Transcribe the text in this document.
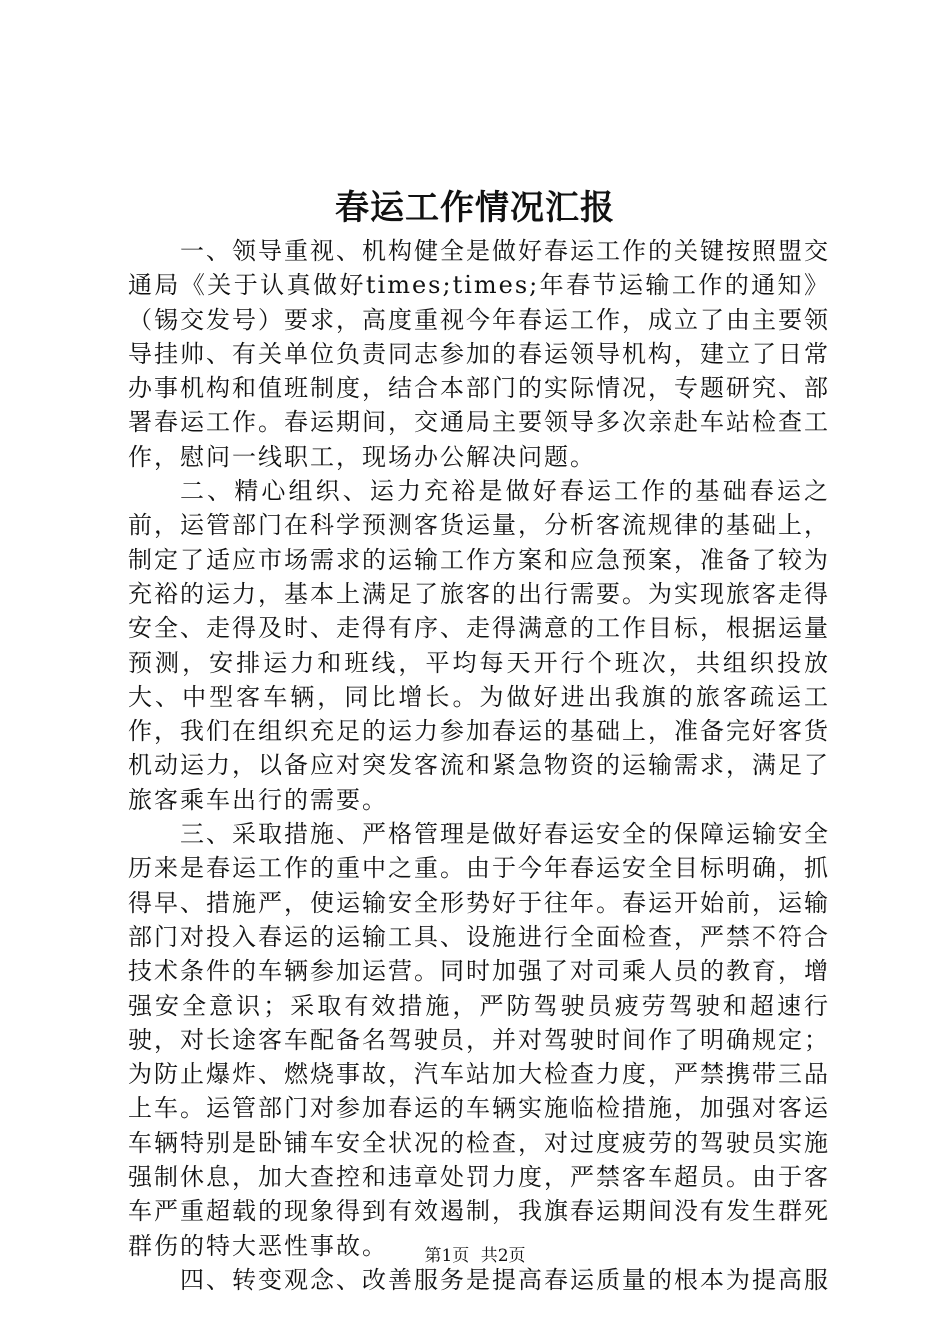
春运工作情况汇报

一、领导重视、机构健全是做好春运工作的关键按照盟交通局《关于认真做好times;times;年春节运输工作的通知》（锡交发号）要求，高度重视今年春运工作，成立了由主要领导挂帅、有关单位负责同志参加的春运领导机构，建立了日常办事机构和值班制度，结合本部门的实际情况，专题研究、部署春运工作。春运期间，交通局主要领导多次亲赴车站检查工作，慰问一线职工，现场办公解决问题。

二、精心组织、运力充裕是做好春运工作的基础春运之前，运管部门在科学预测客货运量，分析客流规律的基础上，制定了适应市场需求的运输工作方案和应急预案，准备了较为充裕的运力，基本上满足了旅客的出行需要。为实现旅客走得安全、走得及时、走得有序、走得满意的工作目标，根据运量预测，安排运力和班线，平均每天开行个班次，共组织投放大、中型客车辆，同比增长。为做好进出我旗的旅客疏运工作，我们在组织充足的运力参加春运的基础上，准备完好客货机动运力，以备应对突发客流和紧急物资的运输需求，满足了旅客乘车出行的需要。

三、采取措施、严格管理是做好春运安全的保障运输安全历来是春运工作的重中之重。由于今年春运安全目标明确，抓得早、措施严，使运输安全形势好于往年。春运开始前，运输部门对投入春运的运输工具、设施进行全面检查，严禁不符合技术条件的车辆参加运营。同时加强了对司乘人员的教育，增强安全意识；采取有效措施，严防驾驶员疲劳驾驶和超速行驶，对长途客车配备名驾驶员，并对驾驶时间作了明确规定；为防止爆炸、燃烧事故，汽车站加大检查力度，严禁携带三品上车。运管部门对参加春运的车辆实施临检措施，加强对客运车辆特别是卧铺车安全状况的检查，对过度疲劳的驾驶员实施强制休息，加大查控和违章处罚力度，严禁客车超员。由于客车严重超载的现象得到有效遏制，我旗春运期间没有发生群死群伤的特大恶性事故。

四、转变观念、改善服务是提高春运质量的根本为提高服

第1页 共2页
